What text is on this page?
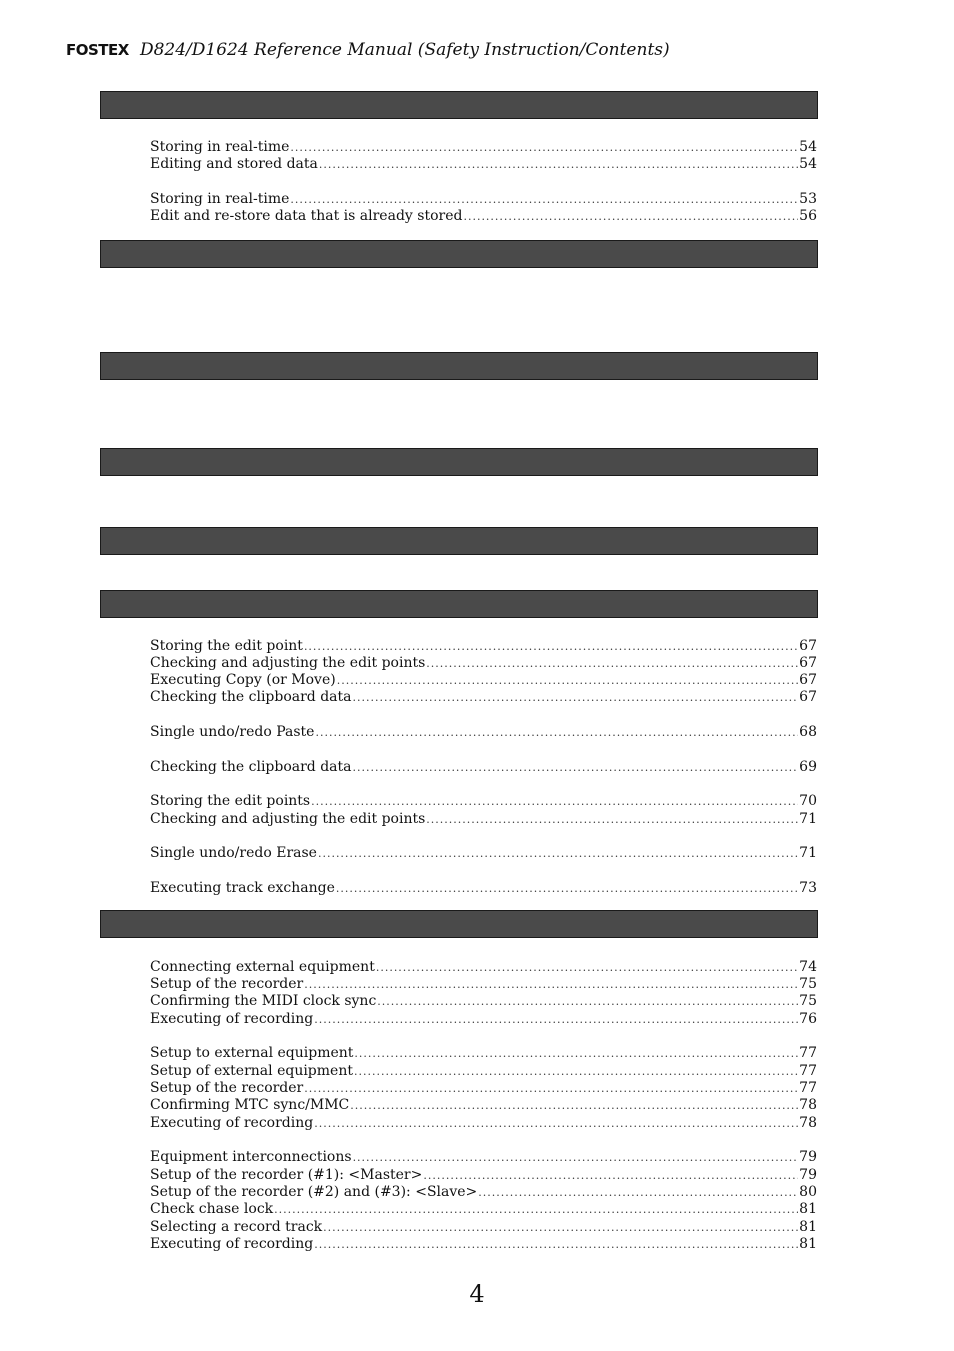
FOSTEX D824/D1624 Reference Manual (Safety Instruction/Contents)
Storing in real-time .....	54
Editing and stored data .....	54
Storing in real-time .....	53
Edit and re-store data that is already stored .....	56
Storing the edit point .....	67
Checking and adjusting the edit points .....	67
Executing Copy (or Move) .....	67
Checking the clipboard data .....	67
Single undo/redo Paste .....	68
Checking the clipboard data .....	69
Storing the edit points .....	70
Checking and adjusting the edit points .....	71
Single undo/redo Erase .....	71
Executing track exchange .....	73
Connecting external equipment .....	74
Setup of the recorder .....	75
Confirming the MIDI clock sync .....	75
Executing of recording .....	76
Setup to external equipment .....	77
Setup of external equipment .....	77
Setup of the recorder .....	77
Confirming MTC sync/MMC .....	78
Executing of recording .....	78
Equipment interconnections .....	79
Setup of the recorder (#1): <Master> .....	79
Setup of the recorder (#2) and (#3): <Slave> .....	80
Check chase lock .....	81
Selecting a record track .....	81
Executing of recording .....	81
4
